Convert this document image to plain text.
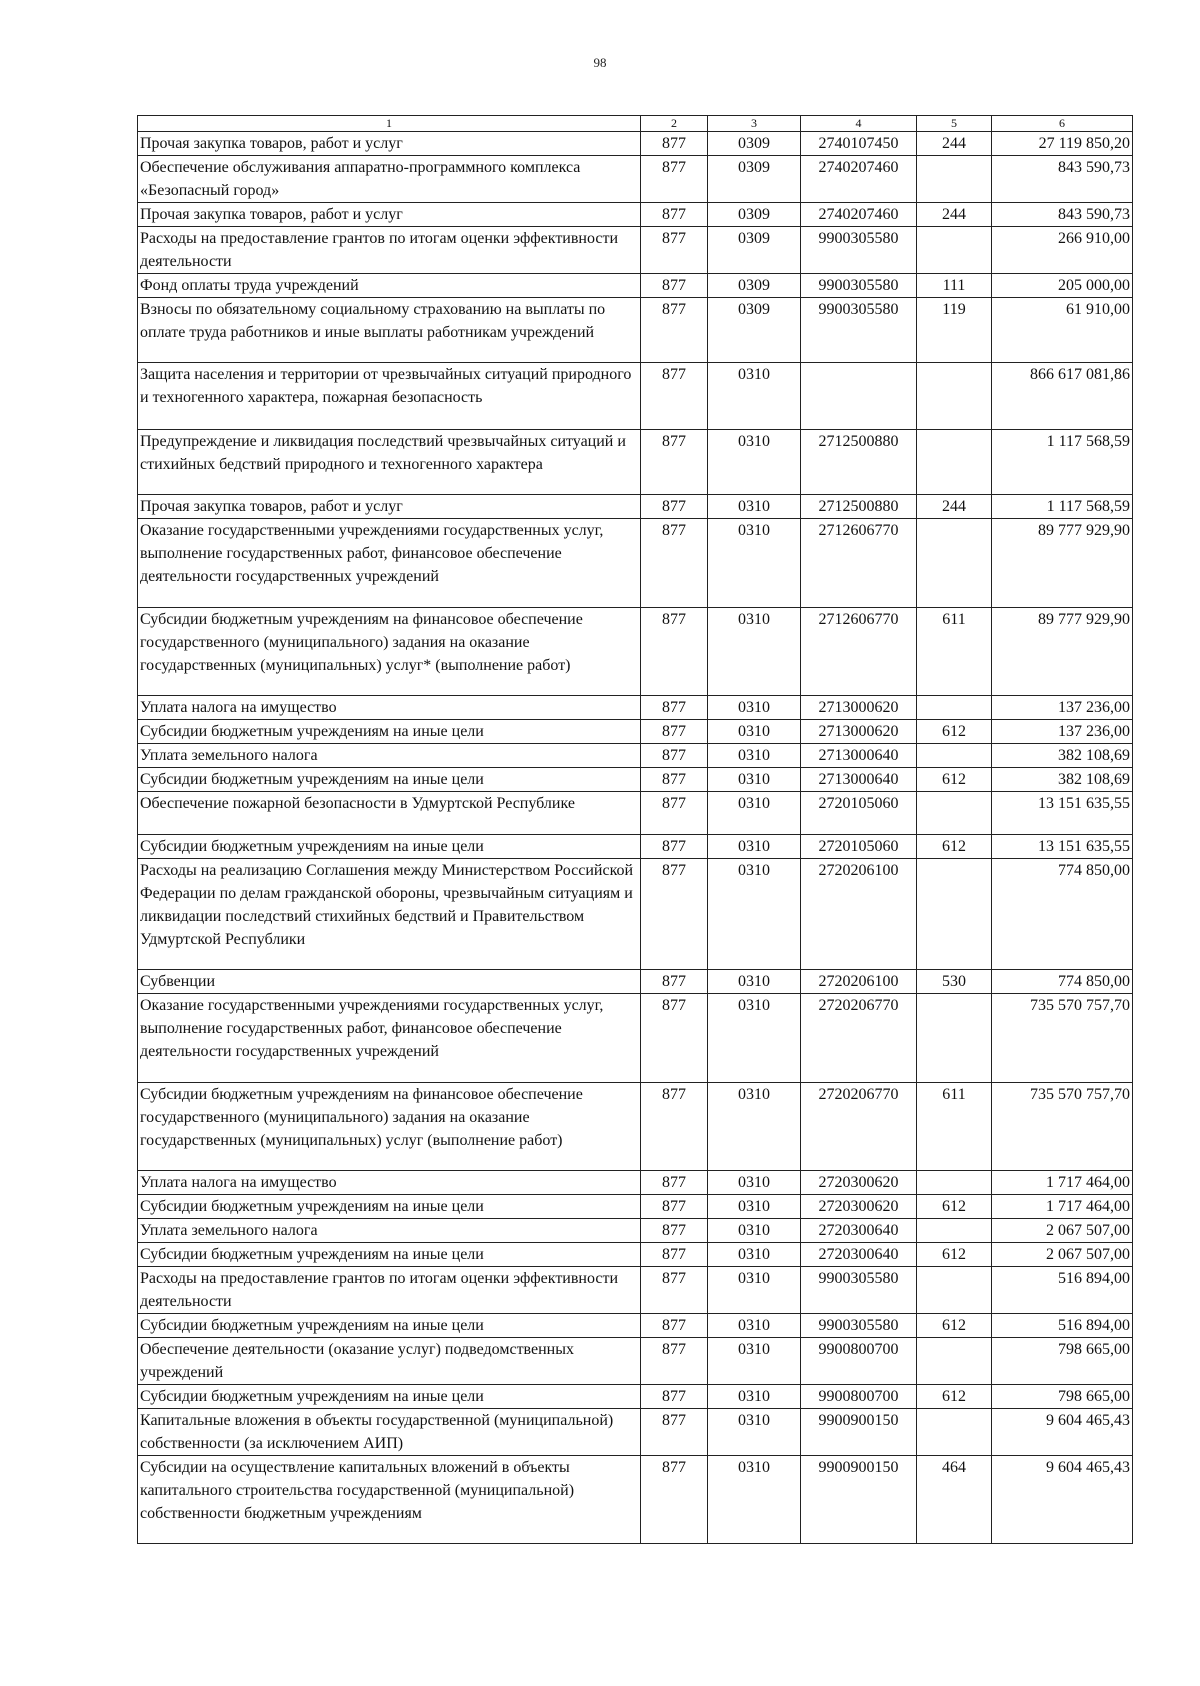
98
1	2	3	4	5	6
Прочая закупка товаров, работ и услуг	877	0309	2740107450	244	27 119 850,20
Обеспечение обслуживания аппаратно-программного комплекса «Безопасный город»	877	0309	2740207460		843 590,73
Прочая закупка товаров, работ и услуг	877	0309	2740207460	244	843 590,73
Расходы на предоставление грантов по итогам оценки эффективности деятельности	877	0309	9900305580		266 910,00
Фонд оплаты труда учреждений	877	0309	9900305580	111	205 000,00
Взносы по обязательному социальному страхованию на выплаты по оплате труда работников и иные выплаты работникам учреждений	877	0309	9900305580	119	61 910,00
Защита населения и территории от чрезвычайных ситуаций природного и техногенного характера, пожарная безопасность	877	0310			866 617 081,86
Предупреждение и ликвидация последствий чрезвычайных ситуаций и стихийных бедствий природного и техногенного характера	877	0310	2712500880		1 117 568,59
Прочая закупка товаров, работ и услуг	877	0310	2712500880	244	1 117 568,59
Оказание государственными учреждениями государственных услуг, выполнение государственных работ, финансовое обеспечение деятельности государственных учреждений	877	0310	2712606770		89 777 929,90
Субсидии бюджетным учреждениям на финансовое обеспечение государственного (муниципального) задания на оказание государственных (муниципальных) услуг* (выполнение работ)	877	0310	2712606770	611	89 777 929,90
Уплата налога на имущество	877	0310	2713000620		137 236,00
Субсидии бюджетным учреждениям на иные цели	877	0310	2713000620	612	137 236,00
Уплата земельного налога	877	0310	2713000640		382 108,69
Субсидии бюджетным учреждениям на иные цели	877	0310	2713000640	612	382 108,69
Обеспечение пожарной безопасности в Удмуртской Республике	877	0310	2720105060		13 151 635,55
Субсидии бюджетным учреждениям на иные цели	877	0310	2720105060	612	13 151 635,55
Расходы на реализацию Соглашения между Министерством Российской Федерации по делам гражданской обороны, чрезвычайным ситуациям и ликвидации последствий стихийных бедствий и Правительством Удмуртской Республики	877	0310	2720206100		774 850,00
Субвенции	877	0310	2720206100	530	774 850,00
Оказание государственными учреждениями государственных услуг, выполнение государственных работ, финансовое обеспечение деятельности государственных учреждений	877	0310	2720206770		735 570 757,70
Субсидии бюджетным учреждениям на финансовое обеспечение государственного (муниципального) задания на оказание государственных (муниципальных) услуг (выполнение работ)	877	0310	2720206770	611	735 570 757,70
Уплата налога на имущество	877	0310	2720300620		1 717 464,00
Субсидии бюджетным учреждениям на иные цели	877	0310	2720300620	612	1 717 464,00
Уплата земельного налога	877	0310	2720300640		2 067 507,00
Субсидии бюджетным учреждениям на иные цели	877	0310	2720300640	612	2 067 507,00
Расходы на предоставление грантов по итогам оценки эффективности деятельности	877	0310	9900305580		516 894,00
Субсидии бюджетным учреждениям на иные цели	877	0310	9900305580	612	516 894,00
Обеспечение деятельности (оказание услуг) подведомственных учреждений	877	0310	9900800700		798 665,00
Субсидии бюджетным учреждениям на иные цели	877	0310	9900800700	612	798 665,00
Капитальные вложения в объекты государственной (муниципальной) собственности (за исключением АИП)	877	0310	9900900150		9 604 465,43
Субсидии на осуществление капитальных вложений в объекты капитального строительства государственной (муниципальной) собственности бюджетным учреждениям	877	0310	9900900150	464	9 604 465,43
